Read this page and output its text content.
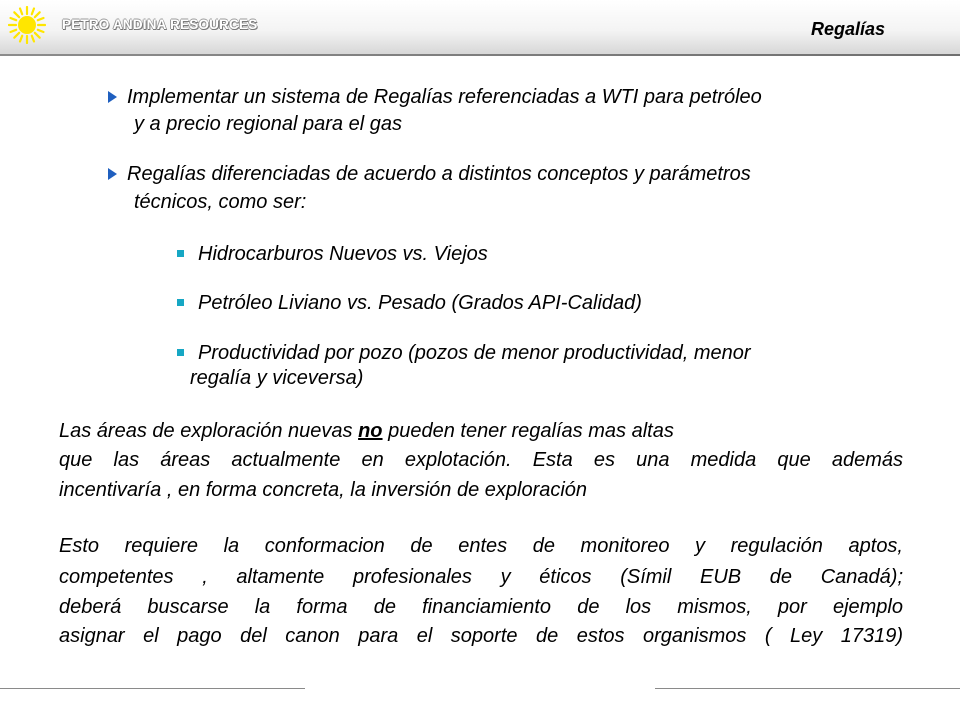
PETRO ANDINA RESOURCES	Regalías
Implementar un sistema de Regalías referenciadas a WTI para petróleo
y a precio regional para el gas
Regalías diferenciadas de acuerdo a distintos conceptos y parámetros
técnicos, como ser:
Hidrocarburos Nuevos vs. Viejos
Petróleo Liviano vs. Pesado (Grados API-Calidad)
Productividad por pozo (pozos de menor productividad, menor
regalía y viceversa)
Las áreas de exploración nuevas no pueden tener regalías mas altas
que las áreas actualmente en explotación. Esta es una medida que además
incentivaría , en forma concreta, la inversión de exploración
Esto requiere la conformacion de entes de monitoreo y regulación aptos,
competentes , altamente profesionales y éticos (Símil EUB de Canadá);
deberá buscarse la forma de financiamiento de los mismos, por ejemplo
asignar el pago del canon para el soporte de estos organismos ( Ley 17319)
